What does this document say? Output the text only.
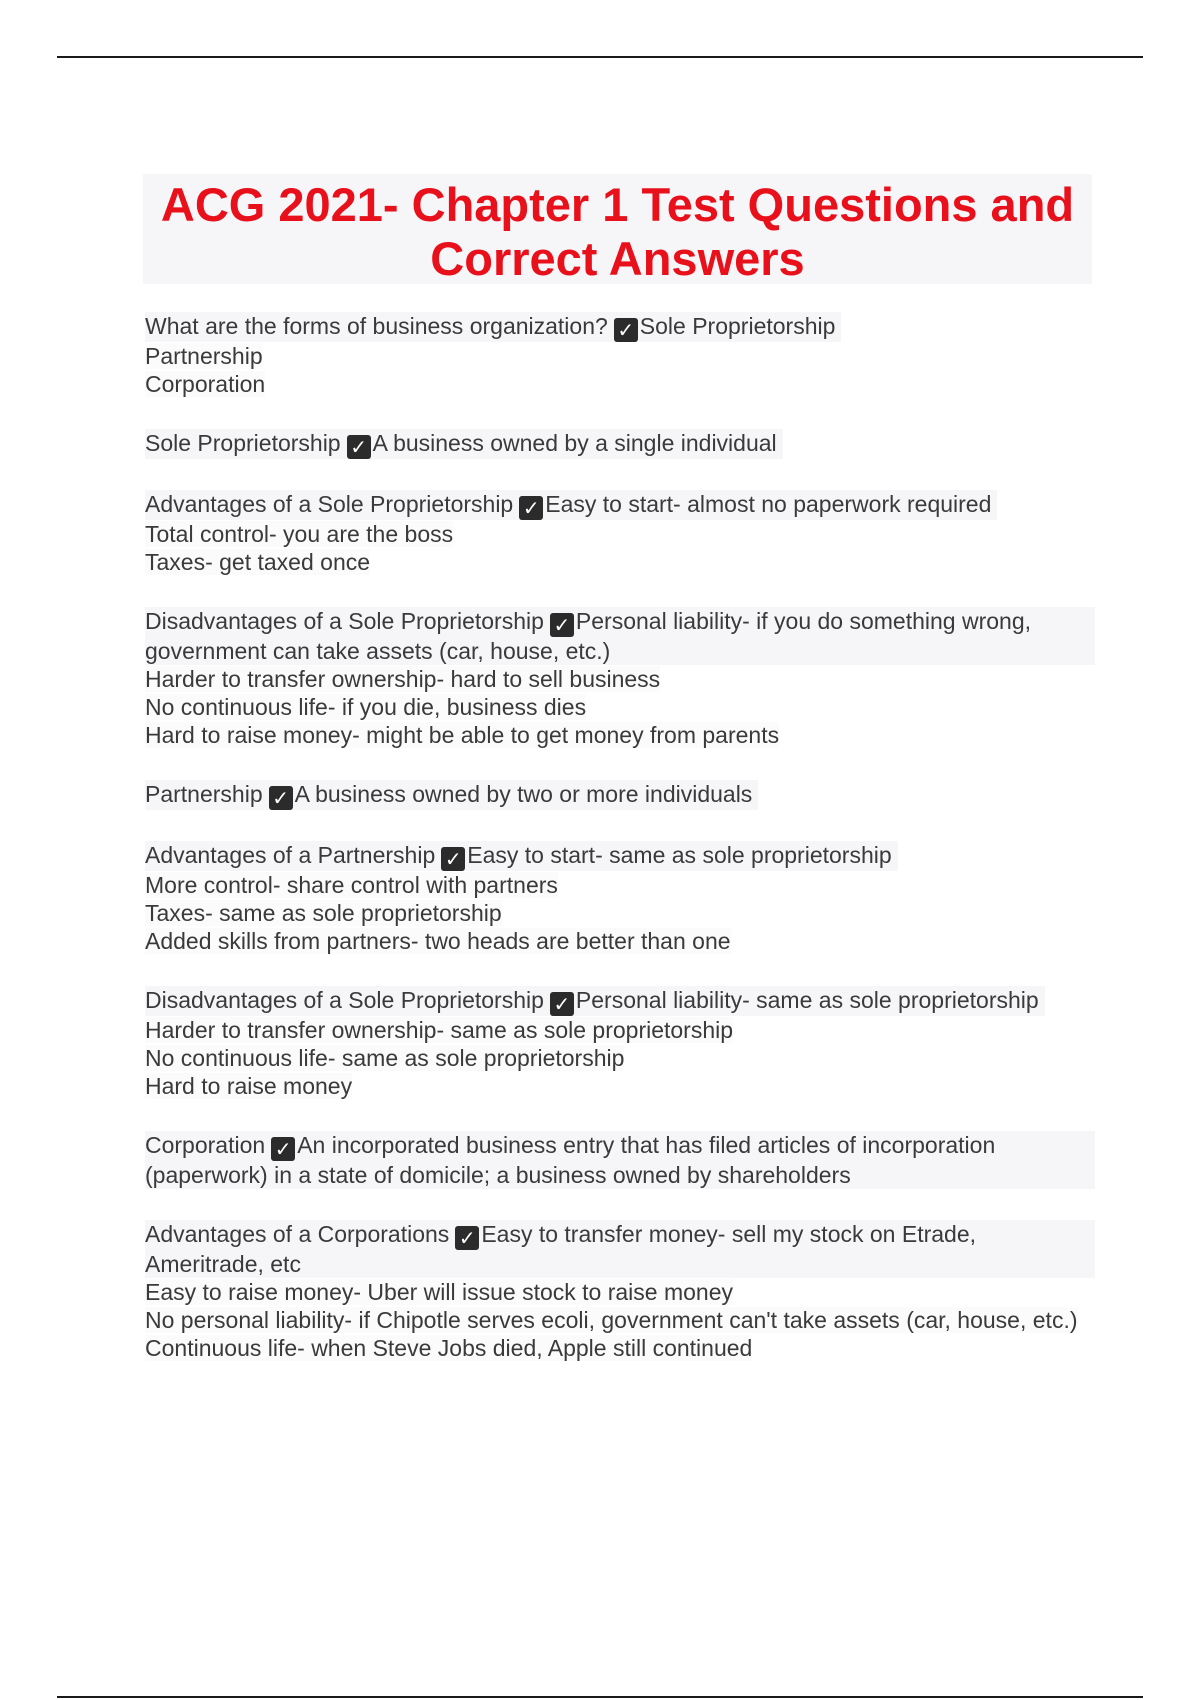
ACG 2021- Chapter 1 Test Questions and
Correct Answers
What are the forms of business organization? ✓ Sole Proprietorship
Partnership
Corporation
Sole Proprietorship ✓ A business owned by a single individual
Advantages of a Sole Proprietorship ✓ Easy to start- almost no paperwork required
Total control- you are the boss
Taxes- get taxed once
Disadvantages of a Sole Proprietorship ✓ Personal liability- if you do something wrong, government can take assets (car, house, etc.)
Harder to transfer ownership- hard to sell business
No continuous life- if you die, business dies
Hard to raise money- might be able to get money from parents
Partnership ✓ A business owned by two or more individuals
Advantages of a Partnership ✓ Easy to start- same as sole proprietorship
More control- share control with partners
Taxes- same as sole proprietorship
Added skills from partners- two heads are better than one
Disadvantages of a Sole Proprietorship ✓ Personal liability- same as sole proprietorship
Harder to transfer ownership- same as sole proprietorship
No continuous life- same as sole proprietorship
Hard to raise money
Corporation ✓ An incorporated business entry that has filed articles of incorporation (paperwork) in a state of domicile; a business owned by shareholders
Advantages of a Corporations ✓ Easy to transfer money- sell my stock on Etrade, Ameritrade, etc
Easy to raise money- Uber will issue stock to raise money
No personal liability- if Chipotle serves ecoli, government can't take assets (car, house, etc.)
Continuous life- when Steve Jobs died, Apple still continued
